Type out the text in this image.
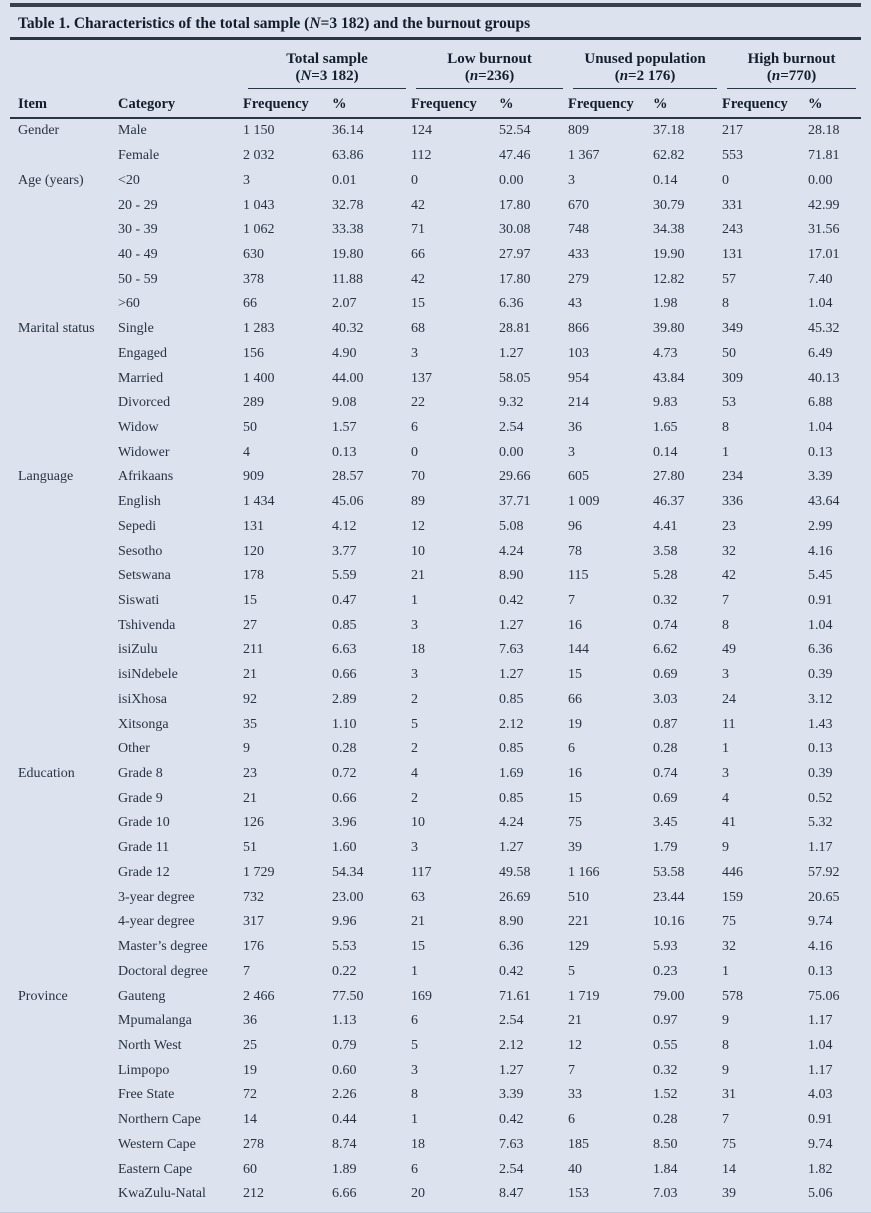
Table 1. Characteristics of the total sample (N=3 182) and the burnout groups

Total sample
(N=3 182)

Low burnout
(n=236)

Unused population
(n=2 176)

High burnout
(n=770)

Item	Category	Frequency	%	Frequency	%	Frequency	%	Frequency	%
Gender	Male	1 150	36.14	124	52.54	809	37.18	217	28.18
	Female	2 032	63.86	112	47.46	1 367	62.82	553	71.81
Age (years)	<20	3	0.01	0	0.00	3	0.14	0	0.00
	20 - 29	1 043	32.78	42	17.80	670	30.79	331	42.99
	30 - 39	1 062	33.38	71	30.08	748	34.38	243	31.56
	40 - 49	630	19.80	66	27.97	433	19.90	131	17.01
	50 - 59	378	11.88	42	17.80	279	12.82	57	7.40
	>60	66	2.07	15	6.36	43	1.98	8	1.04
Marital status	Single	1 283	40.32	68	28.81	866	39.80	349	45.32
	Engaged	156	4.90	3	1.27	103	4.73	50	6.49
	Married	1 400	44.00	137	58.05	954	43.84	309	40.13
	Divorced	289	9.08	22	9.32	214	9.83	53	6.88
	Widow	50	1.57	6	2.54	36	1.65	8	1.04
	Widower	4	0.13	0	0.00	3	0.14	1	0.13
Language	Afrikaans	909	28.57	70	29.66	605	27.80	234	3.39
	English	1 434	45.06	89	37.71	1 009	46.37	336	43.64
	Sepedi	131	4.12	12	5.08	96	4.41	23	2.99
	Sesotho	120	3.77	10	4.24	78	3.58	32	4.16
	Setswana	178	5.59	21	8.90	115	5.28	42	5.45
	Siswati	15	0.47	1	0.42	7	0.32	7	0.91
	Tshivenda	27	0.85	3	1.27	16	0.74	8	1.04
	isiZulu	211	6.63	18	7.63	144	6.62	49	6.36
	isiNdebele	21	0.66	3	1.27	15	0.69	3	0.39
	isiXhosa	92	2.89	2	0.85	66	3.03	24	3.12
	Xitsonga	35	1.10	5	2.12	19	0.87	11	1.43
	Other	9	0.28	2	0.85	6	0.28	1	0.13
Education	Grade 8	23	0.72	4	1.69	16	0.74	3	0.39
	Grade 9	21	0.66	2	0.85	15	0.69	4	0.52
	Grade 10	126	3.96	10	4.24	75	3.45	41	5.32
	Grade 11	51	1.60	3	1.27	39	1.79	9	1.17
	Grade 12	1 729	54.34	117	49.58	1 166	53.58	446	57.92
	3-year degree	732	23.00	63	26.69	510	23.44	159	20.65
	4-year degree	317	9.96	21	8.90	221	10.16	75	9.74
	Master’s degree	176	5.53	15	6.36	129	5.93	32	4.16
	Doctoral degree	7	0.22	1	0.42	5	0.23	1	0.13
Province	Gauteng	2 466	77.50	169	71.61	1 719	79.00	578	75.06
	Mpumalanga	36	1.13	6	2.54	21	0.97	9	1.17
	North West	25	0.79	5	2.12	12	0.55	8	1.04
	Limpopo	19	0.60	3	1.27	7	0.32	9	1.17
	Free State	72	2.26	8	3.39	33	1.52	31	4.03
	Northern Cape	14	0.44	1	0.42	6	0.28	7	0.91
	Western Cape	278	8.74	18	7.63	185	8.50	75	9.74
	Eastern Cape	60	1.89	6	2.54	40	1.84	14	1.82
	KwaZulu-Natal	212	6.66	20	8.47	153	7.03	39	5.06
